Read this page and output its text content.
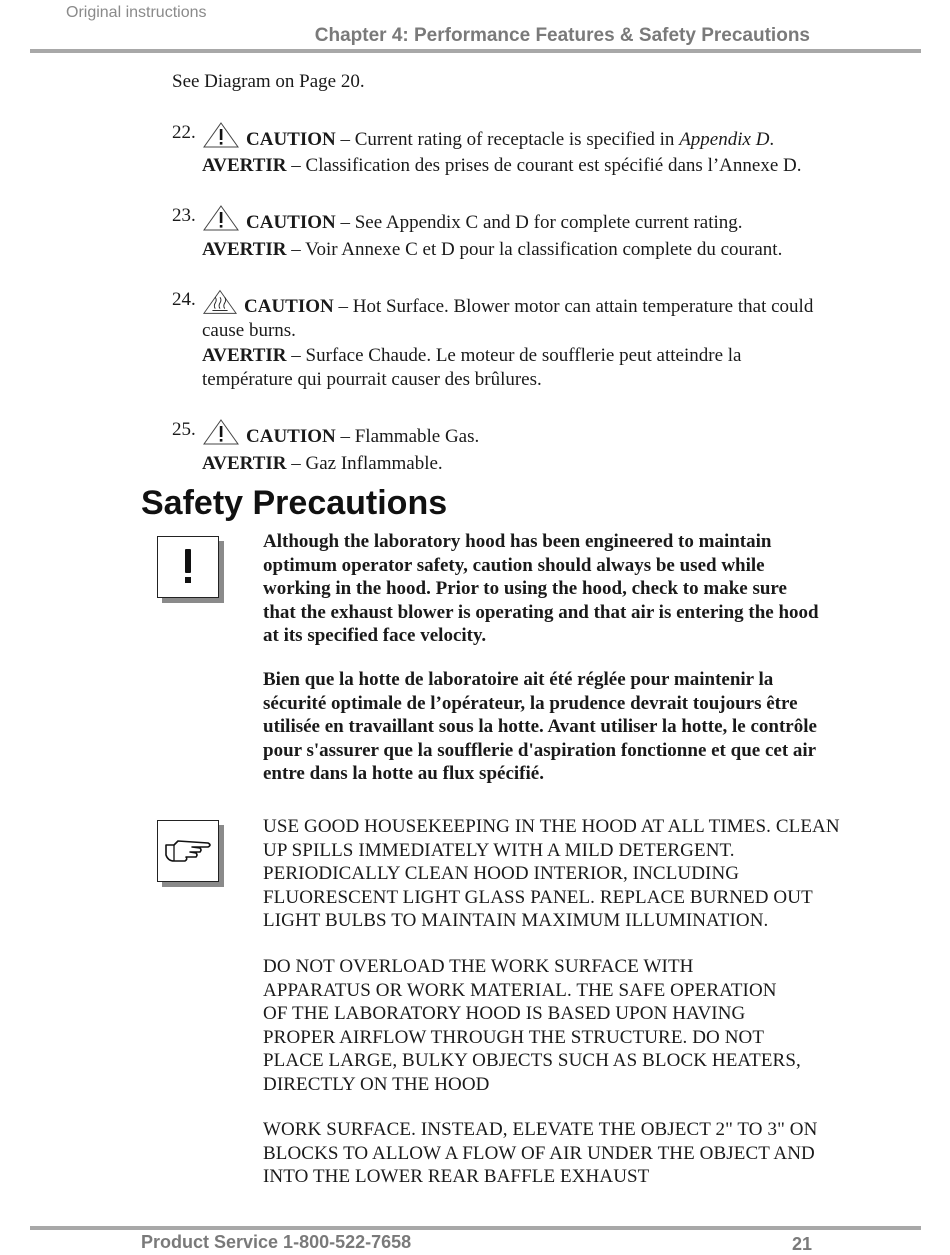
Original instructions
Chapter 4: Performance Features & Safety Precautions
See Diagram on Page 20.
22.	CAUTION – Current rating of receptacle is specified in Appendix D.
AVERTIR – Classification des prises de courant est spécifié dans l’Annexe D.
23.	CAUTION – See Appendix C and D for complete current rating.
AVERTIR – Voir Annexe C et D pour la classification complete du courant.
24.	CAUTION – Hot Surface. Blower motor can attain temperature that could cause burns.
AVERTIR – Surface Chaude. Le moteur de soufflerie peut atteindre la température qui pourrait causer des brûlures.
25.	CAUTION – Flammable Gas.
AVERTIR – Gaz Inflammable.
Safety Precautions
Although the laboratory hood has been engineered to maintain optimum operator safety, caution should always be used while working in the hood. Prior to using the hood, check to make sure that the exhaust blower is operating and that air is entering the hood at its specified face velocity.
Bien que la hotte de laboratoire ait été réglée pour maintenir la sécurité optimale de l’opérateur, la prudence devrait toujours être utilisée en travaillant sous la hotte. Avant utiliser la hotte, le contrôle pour s'assurer que la soufflerie d'aspiration fonctionne et que cet air entre dans la hotte au flux spécifié.
USE GOOD HOUSEKEEPING IN THE HOOD AT ALL TIMES. CLEAN UP SPILLS IMMEDIATELY WITH A MILD DETERGENT. PERIODICALLY CLEAN HOOD INTERIOR, INCLUDING FLUORESCENT LIGHT GLASS PANEL. REPLACE BURNED OUT LIGHT BULBS TO MAINTAIN MAXIMUM ILLUMINATION.
DO NOT OVERLOAD THE WORK SURFACE WITH APPARATUS OR WORK MATERIAL. THE SAFE OPERATION OF THE LABORATORY HOOD IS BASED UPON HAVING PROPER AIRFLOW THROUGH THE STRUCTURE. DO NOT PLACE LARGE, BULKY OBJECTS SUCH AS BLOCK HEATERS, DIRECTLY ON THE HOOD
WORK SURFACE. INSTEAD, ELEVATE THE OBJECT 2" TO 3" ON BLOCKS TO ALLOW A FLOW OF AIR UNDER THE OBJECT AND INTO THE LOWER REAR BAFFLE EXHAUST
Product Service 1-800-522-7658	21
